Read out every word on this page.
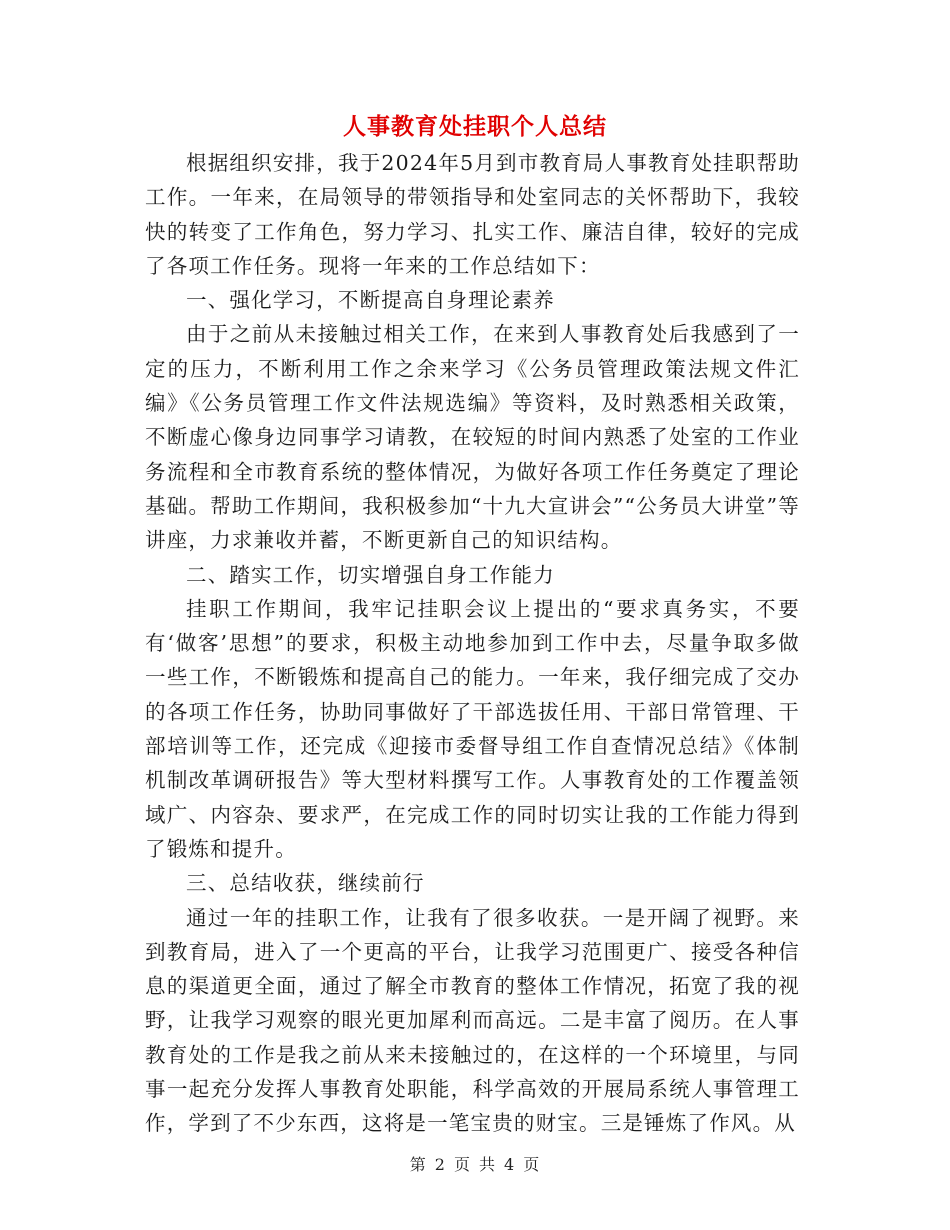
人事教育处挂职个人总结

根据组织安排，我于2024年5月到市教育局人事教育处挂职帮助工作。一年来，在局领导的带领指导和处室同志的关怀帮助下，我较快的转变了工作角色，努力学习、扎实工作、廉洁自律，较好的完成了各项工作任务。现将一年来的工作总结如下：

一、强化学习，不断提高自身理论素养

由于之前从未接触过相关工作，在来到人事教育处后我感到了一定的压力，不断利用工作之余来学习《公务员管理政策法规文件汇编》《公务员管理工作文件法规选编》等资料，及时熟悉相关政策，不断虚心像身边同事学习请教，在较短的时间内熟悉了处室的工作业务流程和全市教育系统的整体情况，为做好各项工作任务奠定了理论基础。帮助工作期间，我积极参加“十九大宣讲会”“公务员大讲堂”等讲座，力求兼收并蓄，不断更新自己的知识结构。

二、踏实工作，切实增强自身工作能力

挂职工作期间，我牢记挂职会议上提出的“要求真务实，不要有‘做客’思想”的要求，积极主动地参加到工作中去，尽量争取多做一些工作，不断锻炼和提高自己的能力。一年来，我仔细完成了交办的各项工作任务，协助同事做好了干部选拔任用、干部日常管理、干部培训等工作，还完成《迎接市委督导组工作自查情况总结》《体制机制改革调研报告》等大型材料撰写工作。人事教育处的工作覆盖领域广、内容杂、要求严，在完成工作的同时切实让我的工作能力得到了锻炼和提升。

三、总结收获，继续前行

通过一年的挂职工作，让我有了很多收获。一是开阔了视野。来到教育局，进入了一个更高的平台，让我学习范围更广、接受各种信息的渠道更全面，通过了解全市教育的整体工作情况，拓宽了我的视野，让我学习观察的眼光更加犀利而高远。二是丰富了阅历。在人事教育处的工作是我之前从来未接触过的，在这样的一个环境里，与同事一起充分发挥人事教育处职能，科学高效的开展局系统人事管理工作，学到了不少东西，这将是一笔宝贵的财宝。三是锤炼了作风。从

第 2 页 共 4 页
